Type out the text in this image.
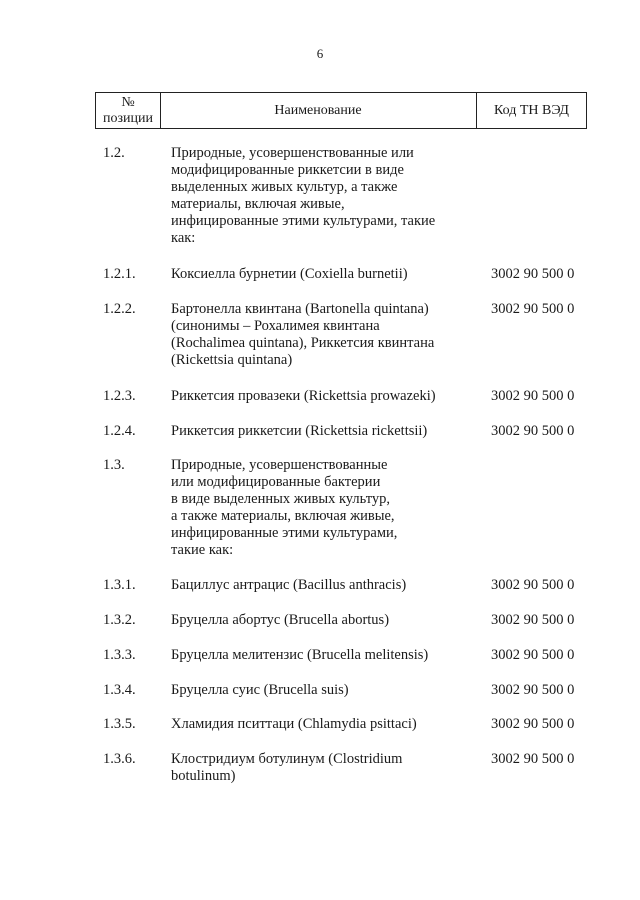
6
№
позиции
Наименование	Код ТН ВЭД
1.2.	Природные, усовершенствованные или
модифицированные риккетсии в виде
выделенных живых культур, а также
материалы, включая живые,
инфицированные этими культурами, такие
как:
1.2.1. Коксиелла бурнетии (Coxiella burnetii)	3002 90 500 0
1.2.2. Бартонелла квинтана (Bartonella quintana)
(синонимы – Рохалимея квинтана
(Rochalimea quintana), Риккетсия квинтана
(Rickettsia quintana)
3002 90 500 0
1.2.3. Риккетсия провазеки (Rickettsia prowazeki)	3002 90 500 0
1.2.4. Риккетсия риккетсии (Rickettsia rickettsii)	3002 90 500 0
1.3.	Природные, усовершенствованные
или модифицированные бактерии
в виде выделенных живых культур,
а также материалы, включая живые,
инфицированные этими культурами,
такие как:
1.3.1. Бациллус антрацис (Bacillus anthracis)	3002 90 500 0
1.3.2. Бруцелла абортус (Brucella abortus)	3002 90 500 0
1.3.3. Бруцелла мелитензис (Brucella melitensis)	3002 90 500 0
1.3.4. Бруцелла суис (Brucella suis)	3002 90 500 0
1.3.5. Хламидия пситтаци (Chlamydia psittaci)	3002 90 500 0
1.3.6. Клостридиум ботулинум (Clostridium
botulinum)
3002 90 500 0
